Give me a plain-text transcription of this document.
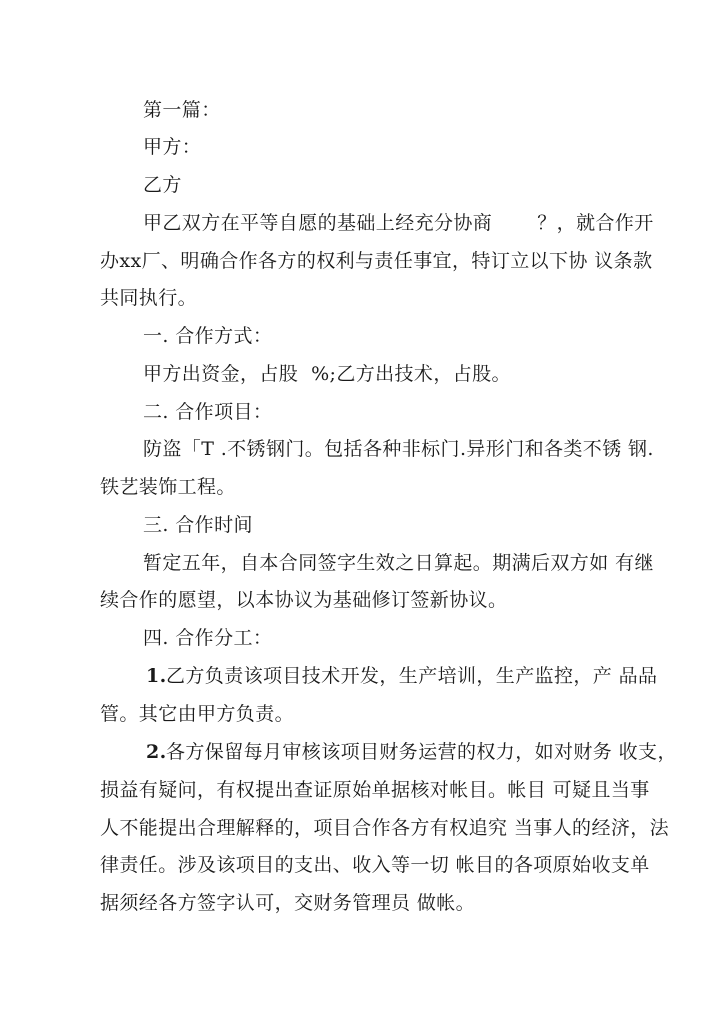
第一篇：
甲方：
乙方
甲乙双方在平等自愿的基础上经充分协商       ？，就合作开
办xx厂、明确合作各方的权利与责任事宜，特订立以下协 议条款
共同执行。
一. 合作方式：
甲方出资金，占股  %;乙方出技术，占股。
二. 合作项目：
防盗「T .不锈钢门。包括各种非标门.异形门和各类不锈 钢.
铁艺装饰工程。
三. 合作时间
暂定五年，自本合同签字生效之日算起。期满后双方如 有继
续合作的愿望，以本协议为基础修订签新协议。
四. 合作分工：
1. 乙方负责该项目技术开发，生产培训，生产监控，产 品品
管。其它由甲方负责。
2. 各方保留每月审核该项目财务运营的权力，如对财务 收支，
损益有疑问，有权提出查证原始单据核对帐目。帐目 可疑且当事
人不能提出合理解释的，项目合作各方有权追究 当事人的经济，法
律责任。涉及该项目的支出、收入等一切 帐目的各项原始收支单
据须经各方签字认可，交财务管理员 做帐。
